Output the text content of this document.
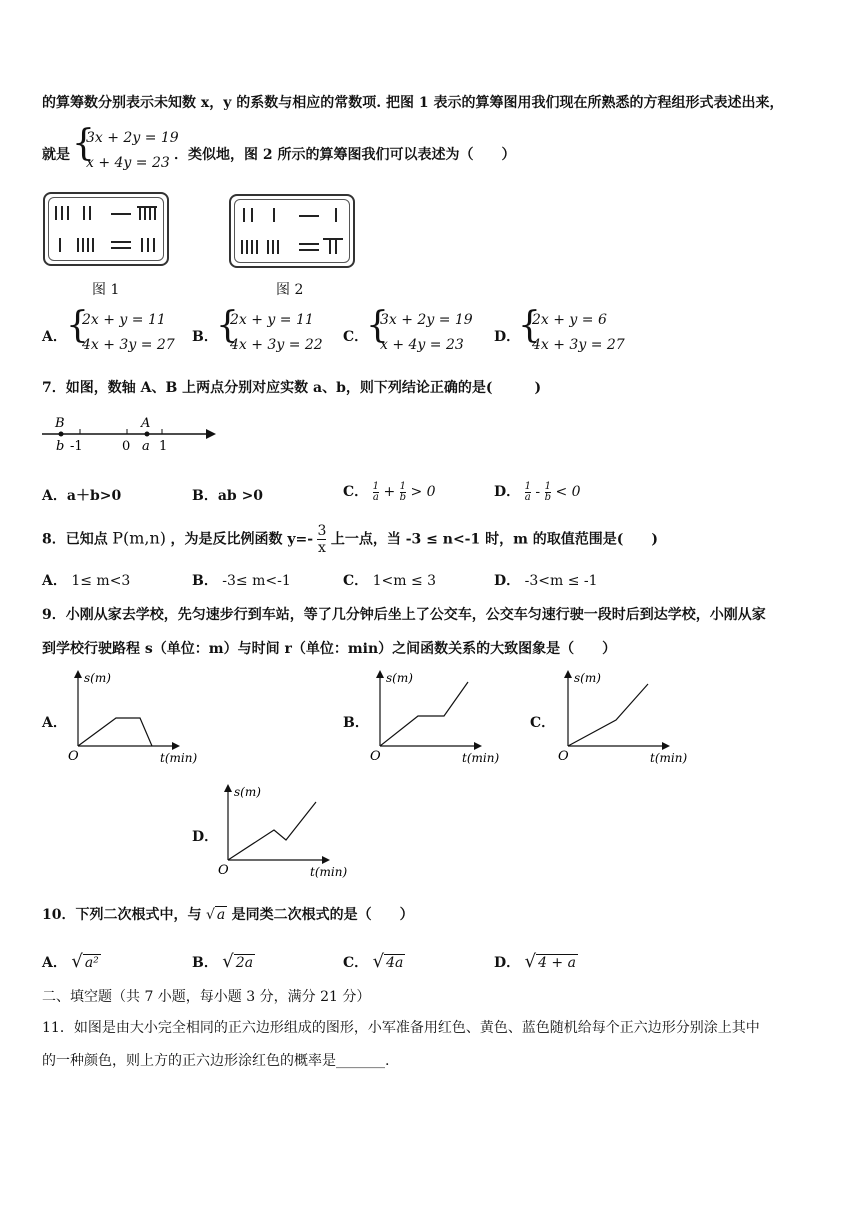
的算筹数分别表示未知数 x，y 的系数与相应的常数项. 把图 1 表示的算筹图用我们现在所熟悉的方程组形式表述出来，
就是 {
3x + 2y = 19
x + 4y = 23 ．类似地，图 2 所示的算筹图我们可以表述为（　　）
图 1	图 2
A． {
2x + y = 11
4x + 3y = 27 B．
{
2x + y = 11
4x + 3y = 22 C．
{
3x + 2y = 19
x + 4y = 23	D．
{
2x + y = 6
4x + 3y = 27
7．如图，数轴 A、B 上两点分别对应实数 a、b，则下列结论正确的是(　　　)
B
b -1	0
A
a 1
A．a＋b>0	B．ab >0	C． $\frac{1}{a} + \frac{1}{b} > 0$	D． $\frac{1}{a} - \frac{1}{b} < 0$
8．已知点 P(m,n) ，为是反比例函数 $y=- \frac{3}{x}$ 上一点，当 -3 ≤ n<-1 时，m 的取值范围是(　　)
A． 1≤ m<3	B． -3≤ m<-1	C． 1<m ≤ 3	D． -3<m ≤ -1
9．小刚从家去学校，先匀速步行到车站，等了几分钟后坐上了公交车，公交车匀速行驶一段时后到达学校，小刚从家
到学校行驶路程 s（单位：m）与时间 r（单位：min）之间函数关系的大致图象是（　　）
A．
s(m)
O	t(min)
B．
s(m)
O	t(min)
C．
s(m)
O	t(min)
D．
s(m)
O	t(min)
10．下列二次根式中，与 √ a 是同类二次根式的是（　　）
A． √ a²	B． √ 2a	C． √ 4a	D． √ 4 + a
二、填空题（共 7 小题，每小题 3 分，满分 21 分）
11．如图是由大小完全相同的正六边形组成的图形，小军准备用红色、黄色、蓝色随机给每个正六边形分别涂上其中
的一种颜色，则上方的正六边形涂红色的概率是_______.
